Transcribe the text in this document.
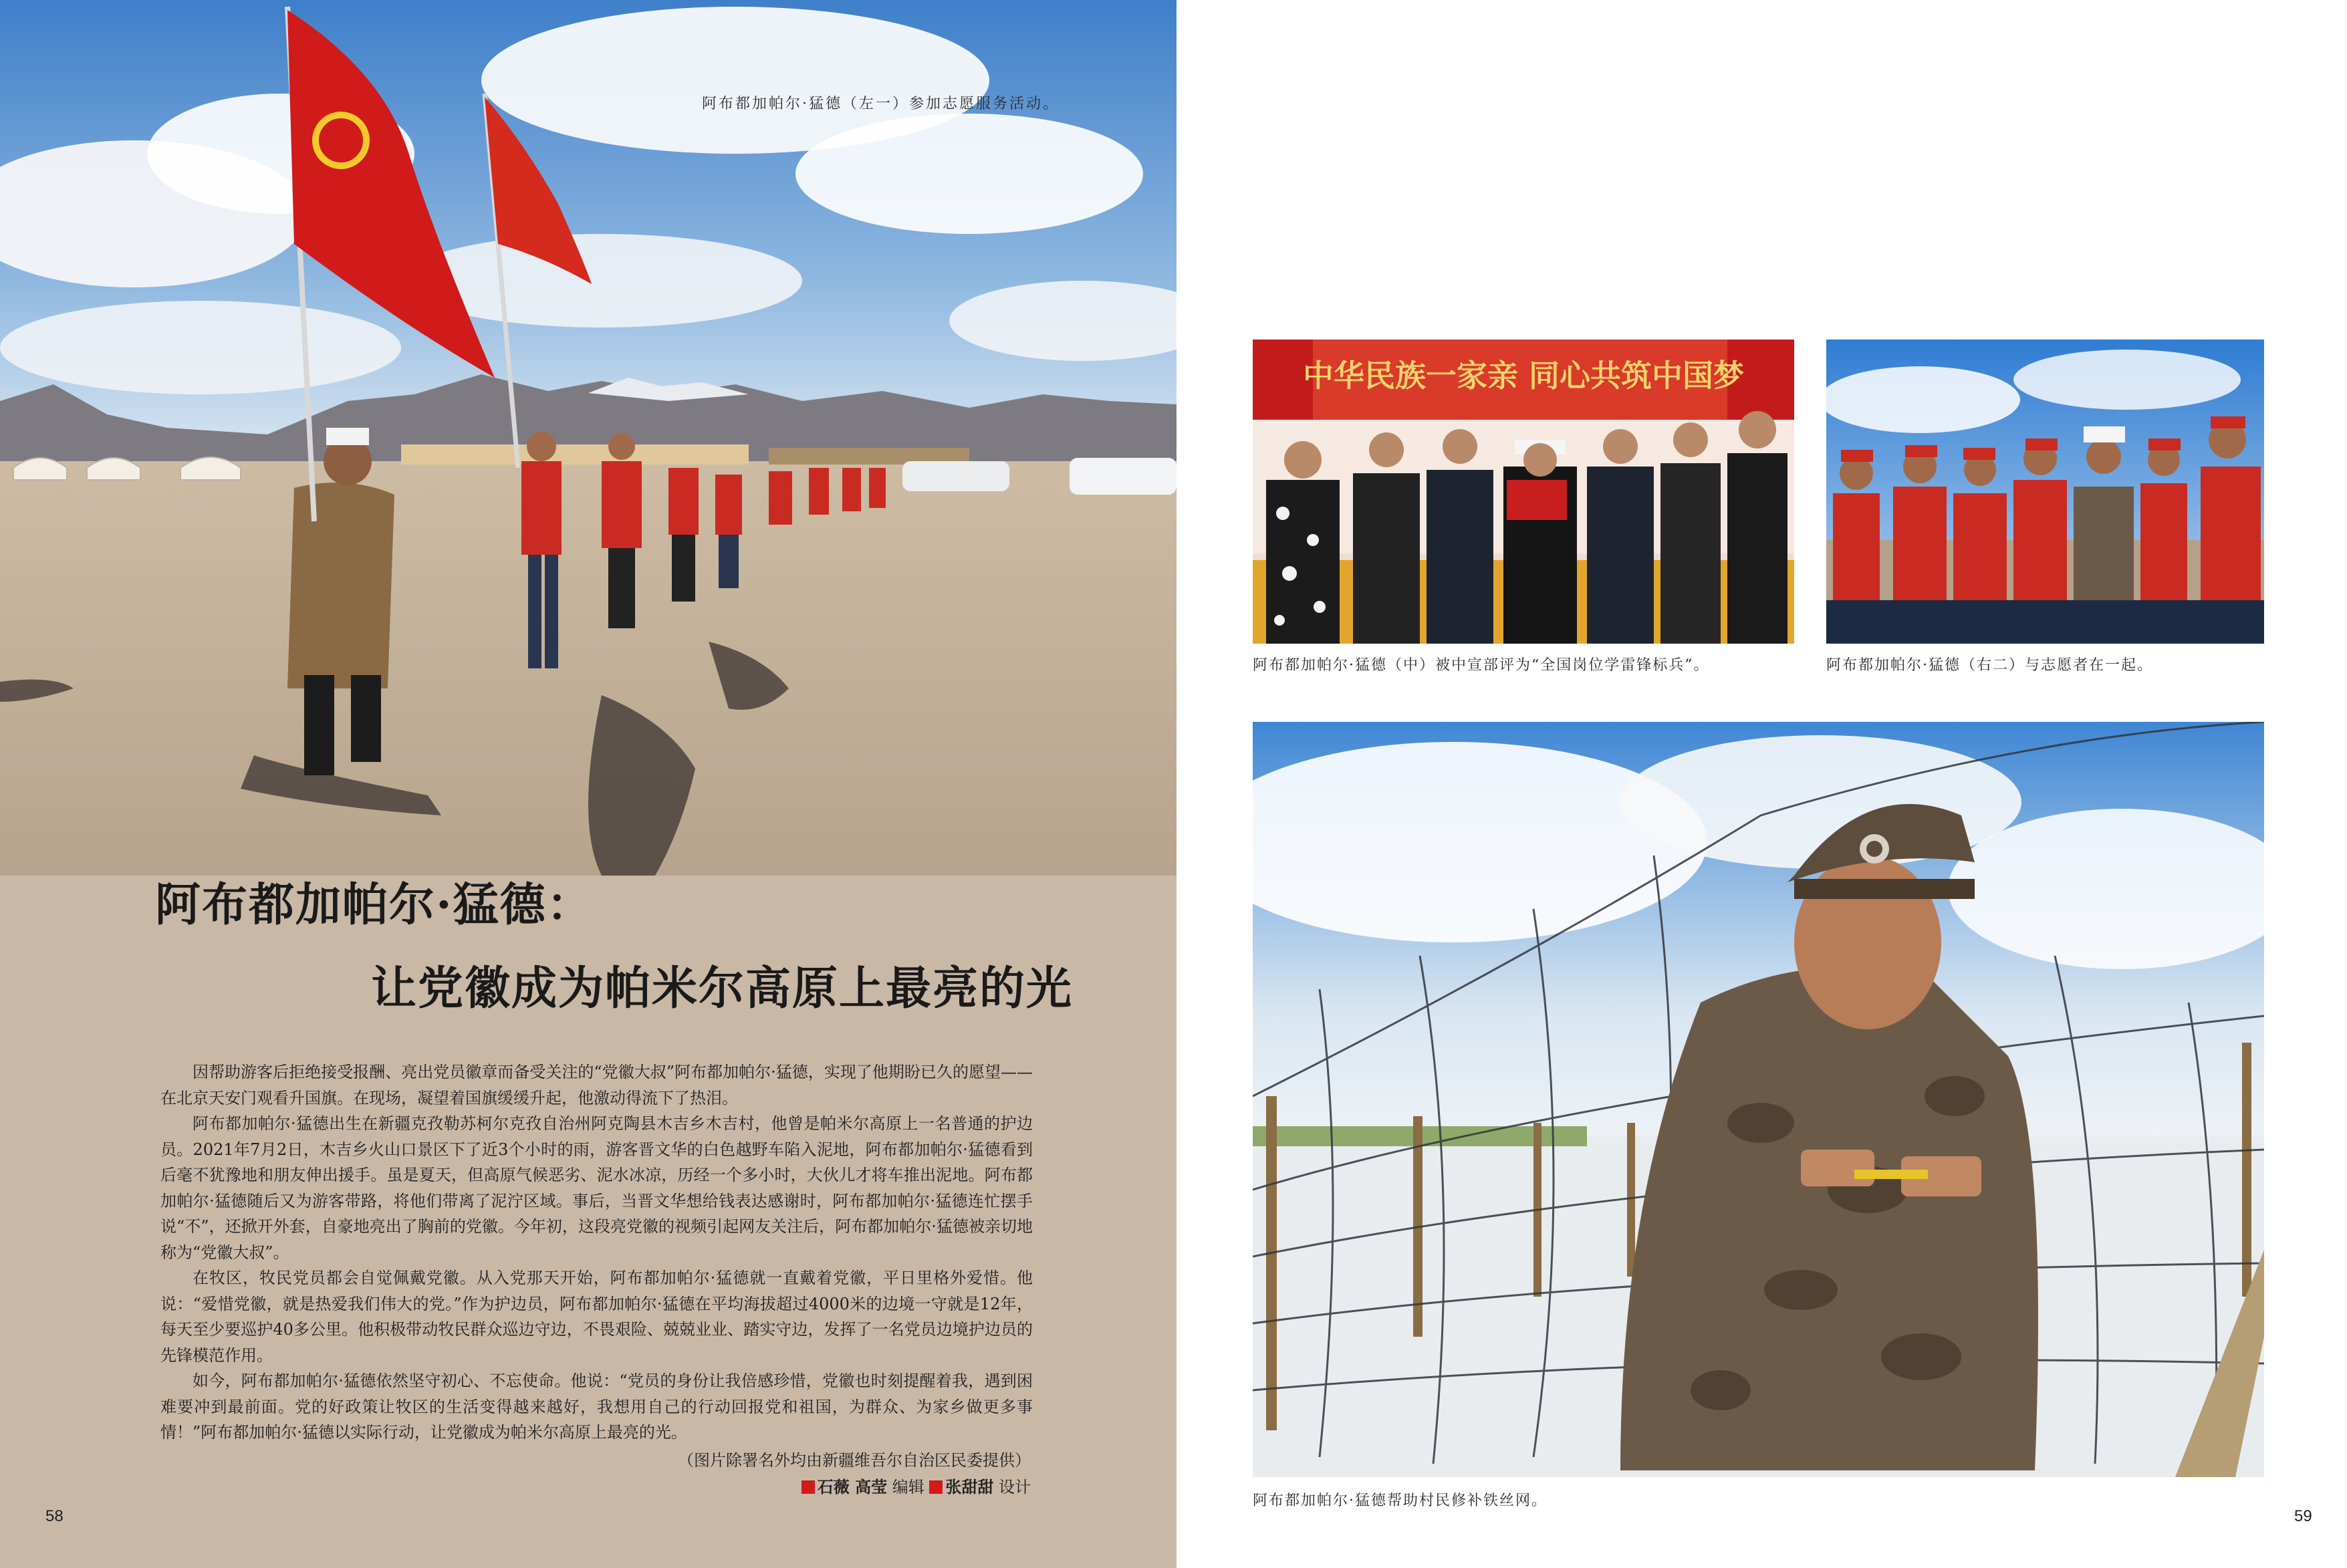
阿布都加帕尔·猛德（左一）参加志愿服务活动。
阿布都加帕尔·猛德：
让党徽成为帕米尔高原上最亮的光

因帮助游客后拒绝接受报酬、亮出党员徽章而备受关注的“党徽大叔”阿布都加帕尔·猛德，实现了他期盼已久的愿望——在北京天安门观看升国旗。在现场，凝望着国旗缓缓升起，他激动得流下了热泪。

阿布都加帕尔·猛德出生在新疆克孜勒苏柯尔克孜自治州阿克陶县木吉乡木吉村，他曾是帕米尔高原上一名普通的护边员。2021年7月2日，木吉乡火山口景区下了近3个小时的雨，游客晋文华的白色越野车陷入泥地，阿布都加帕尔·猛德看到后毫不犹豫地和朋友伸出援手。虽是夏天，但高原气候恶劣、泥水冰凉，历经一个多小时，大伙儿才将车推出泥地。阿布都加帕尔·猛德随后又为游客带路，将他们带离了泥泞区域。事后，当晋文华想给钱表达感谢时，阿布都加帕尔·猛德连忙摆手说“不”，还掀开外套，自豪地亮出了胸前的党徽。今年初，这段亮党徽的视频引起网友关注后，阿布都加帕尔·猛德被亲切地称为“党徽大叔”。

在牧区，牧民党员都会自觉佩戴党徽。从入党那天开始，阿布都加帕尔·猛德就一直戴着党徽，平日里格外爱惜。他说：“爱惜党徽，就是热爱我们伟大的党。”作为护边员，阿布都加帕尔·猛德在平均海拔超过4000米的边境一守就是12年，每天至少要巡护40多公里。他积极带动牧民群众巡边守边，不畏艰险、兢兢业业、踏实守边，发挥了一名党员边境护边员的先锋模范作用。

如今，阿布都加帕尔·猛德依然坚守初心、不忘使命。他说：“党员的身份让我倍感珍惜，党徽也时刻提醒着我，遇到困难要冲到最前面。党的好政策让牧区的生活变得越来越好，我想用自己的行动回报党和祖国，为群众、为家乡做更多事情！”阿布都加帕尔·猛德以实际行动，让党徽成为帕米尔高原上最亮的光。

（图片除署名外均由新疆维吾尔自治区民委提供）
石薇 高莹 编辑 张甜甜 设计
58
中华民族一家亲 同心共筑中国梦
阿布都加帕尔·猛德（中）被中宣部评为“全国岗位学雷锋标兵”。	阿布都加帕尔·猛德（右二）与志愿者在一起。
阿布都加帕尔·猛德帮助村民修补铁丝网。
59
